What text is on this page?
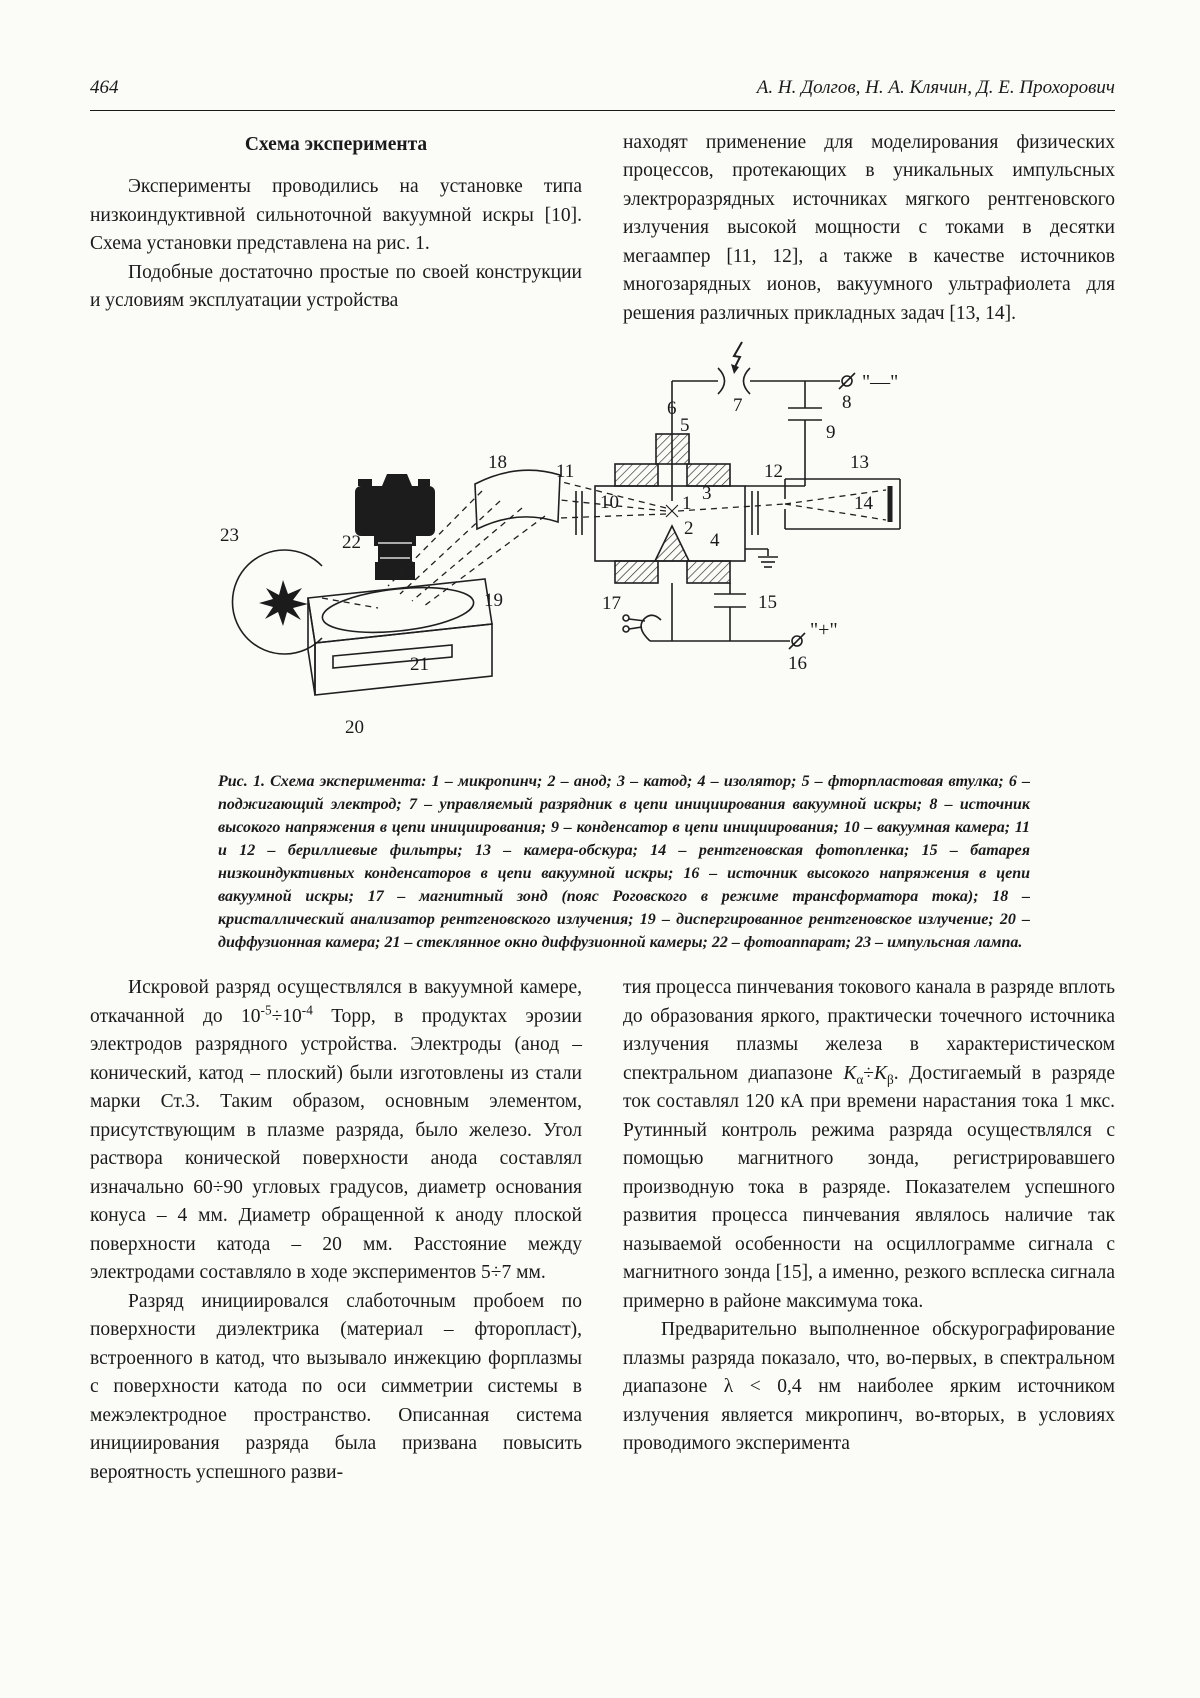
464	А. Н. Долгов, Н. А. Клячин, Д. Е. Прохорович
Схема эксперимента

Эксперименты проводились на установке типа низкоиндуктивной сильноточной вакуумной искры [10]. Схема установки представлена на рис. 1.

Подобные достаточно простые по своей конструкции и условиям эксплуатации устройства

находят применение для моделирования физических процессов, протекающих в уникальных импульсных электроразрядных источниках мягкого рентгеновского излучения высокой мощности с токами в десятки мегаампер [11, 12], а также в качестве источников многозарядных ионов, вакуумного ультрафиолета для решения различных прикладных задач [13, 14].

1
2
3
4
5
6	7	8
9
10
11	12	13
14
15
16
17
18
19
20
21
22
23
"—"
"+"
Рис. 1. Схема эксперимента: 1 – микропинч; 2 – анод; 3 – катод; 4 – изолятор; 5 – фторпластовая втулка; 6 – поджигающий электрод; 7 – управляемый разрядник в цепи инициирования вакуумной искры; 8 – источник высокого напряжения в цепи инициирования; 9 – конденсатор в цепи инициирования; 10 – вакуумная камера; 11 и 12 – бериллиевые фильтры; 13 – камера-обскура; 14 – рентгеновская фотопленка; 15 – батарея низкоиндуктивных конденсаторов в цепи вакуумной искры; 16 – источник высокого напряжения в цепи вакуумной искры; 17 – магнитный зонд (пояс Роговского в режиме трансформатора тока); 18 – кристаллический анализатор рентгеновского излучения; 19 – диспергированное рентгеновское излучение; 20 – диффузионная камера; 21 – стеклянное окно диффузионной камеры; 22 – фотоаппарат; 23 – импульсная лампа.

Искровой разряд осуществлялся в вакуумной камере, откачанной до $10^{-5}\div 10^{-4}$ Торр, в продуктах эрозии электродов разрядного устройства. Электроды (анод – конический, катод – плоский) были изготовлены из стали марки Ст.3. Таким образом, основным элементом, присутствующим в плазме разряда, было железо. Угол раствора конической поверхности анода составлял изначально 60÷90 угловых градусов, диаметр основания конуса – 4 мм. Диаметр обращенной к аноду плоской поверхности катода – 20 мм. Расстояние между электродами составляло в ходе экспериментов 5÷7 мм.

Разряд инициировался слаботочным пробоем по поверхности диэлектрика (материал – фторопласт), встроенного в катод, что вызывало инжекцию форплазмы с поверхности катода по оси симметрии системы в межэлектродное пространство. Описанная система инициирования разряда была призвана повысить вероятность успешного разви-

тия процесса пинчевания токового канала в разряде вплоть до образования яркого, практически точечного источника излучения плазмы железа в характеристическом спектральном диапазоне $K_\alpha\div K_\beta$. Достигаемый в разряде ток составлял 120 кА при времени нарастания тока 1 мкс. Рутинный контроль режима разряда осуществлялся с помощью магнитного зонда, регистрировавшего производную тока в разряде. Показателем успешного развития процесса пинчевания являлось наличие так называемой особенности на осциллограмме сигнала с магнитного зонда [15], а именно, резкого всплеска сигнала примерно в районе максимума тока.

Предварительно выполненное обскурографирование плазмы разряда показало, что, во-первых, в спектральном диапазоне λ < 0,4 нм наиболее ярким источником излучения является микропинч, во-вторых, в условиях проводимого эксперимента
